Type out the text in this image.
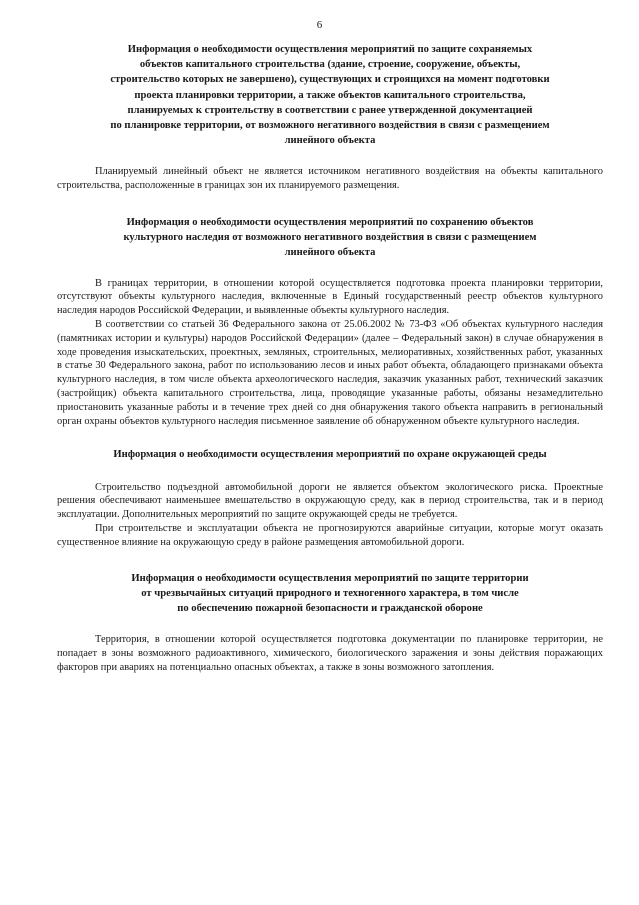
6
Информация о необходимости осуществления мероприятий по защите сохраняемых
объектов капитального строительства (здание, строение, сооружение, объекты,
строительство которых не завершено), существующих и строящихся на момент подготовки
проекта планировки территории, а также объектов капитального строительства,
планируемых к строительству в соответствии с ранее утвержденной документацией
по планировке территории, от возможного негативного воздействия в связи с размещением
линейного объекта

Планируемый линейный объект не является источником негативного воздействия на объекты капитального строительства, расположенные в границах зон их планируемого размещения.

Информация о необходимости осуществления мероприятий по сохранению объектов
культурного наследия от возможного негативного воздействия в связи с размещением
линейного объекта

В границах территории, в отношении которой осуществляется подготовка проекта планировки территории, отсутствуют объекты культурного наследия, включенные в Единый государственный реестр объектов культурного наследия народов Российской Федерации, и выявленные объекты культурного наследия.

В соответствии со статьей 36 Федерального закона от 25.06.2002 № 73-ФЗ «Об объектах культурного наследия (памятниках истории и культуры) народов Российской Федерации» (далее – Федеральный закон) в случае обнаружения в ходе проведения изыскательских, проектных, земляных, строительных, мелиоративных, хозяйственных работ, указанных в статье 30 Федерального закона, работ по использованию лесов и иных работ объекта, обладающего признаками объекта культурного наследия, в том числе объекта археологического наследия, заказчик указанных работ, технический заказчик (застройщик) объекта капитального строительства, лица, проводящие указанные работы, обязаны незамедлительно приостановить указанные работы и в течение трех дней со дня обнаружения такого объекта направить в региональный орган охраны объектов культурного наследия письменное заявление об обнаруженном объекте культурного наследия.

Информация о необходимости осуществления мероприятий по охране окружающей среды

Строительство подъездной автомобильной дороги не является объектом экологического риска. Проектные решения обеспечивают наименьшее вмешательство в окружающую среду, как в период строительства, так и в период эксплуатации. Дополнительных мероприятий по защите окружающей среды не требуется.

При строительстве и эксплуатации объекта не прогнозируются аварийные ситуации, которые могут оказать существенное влияние на окружающую среду в районе размещения автомобильной дороги.

Информация о необходимости осуществления мероприятий по защите территории
от чрезвычайных ситуаций природного и техногенного характера, в том числе
по обеспечению пожарной безопасности и гражданской обороне

Территория, в отношении которой осуществляется подготовка документации по планировке территории, не попадает в зоны возможного радиоактивного, химического, биологического заражения и зоны действия поражающих факторов при авариях на потенциально опасных объектах, а также в зоны возможного затопления.
